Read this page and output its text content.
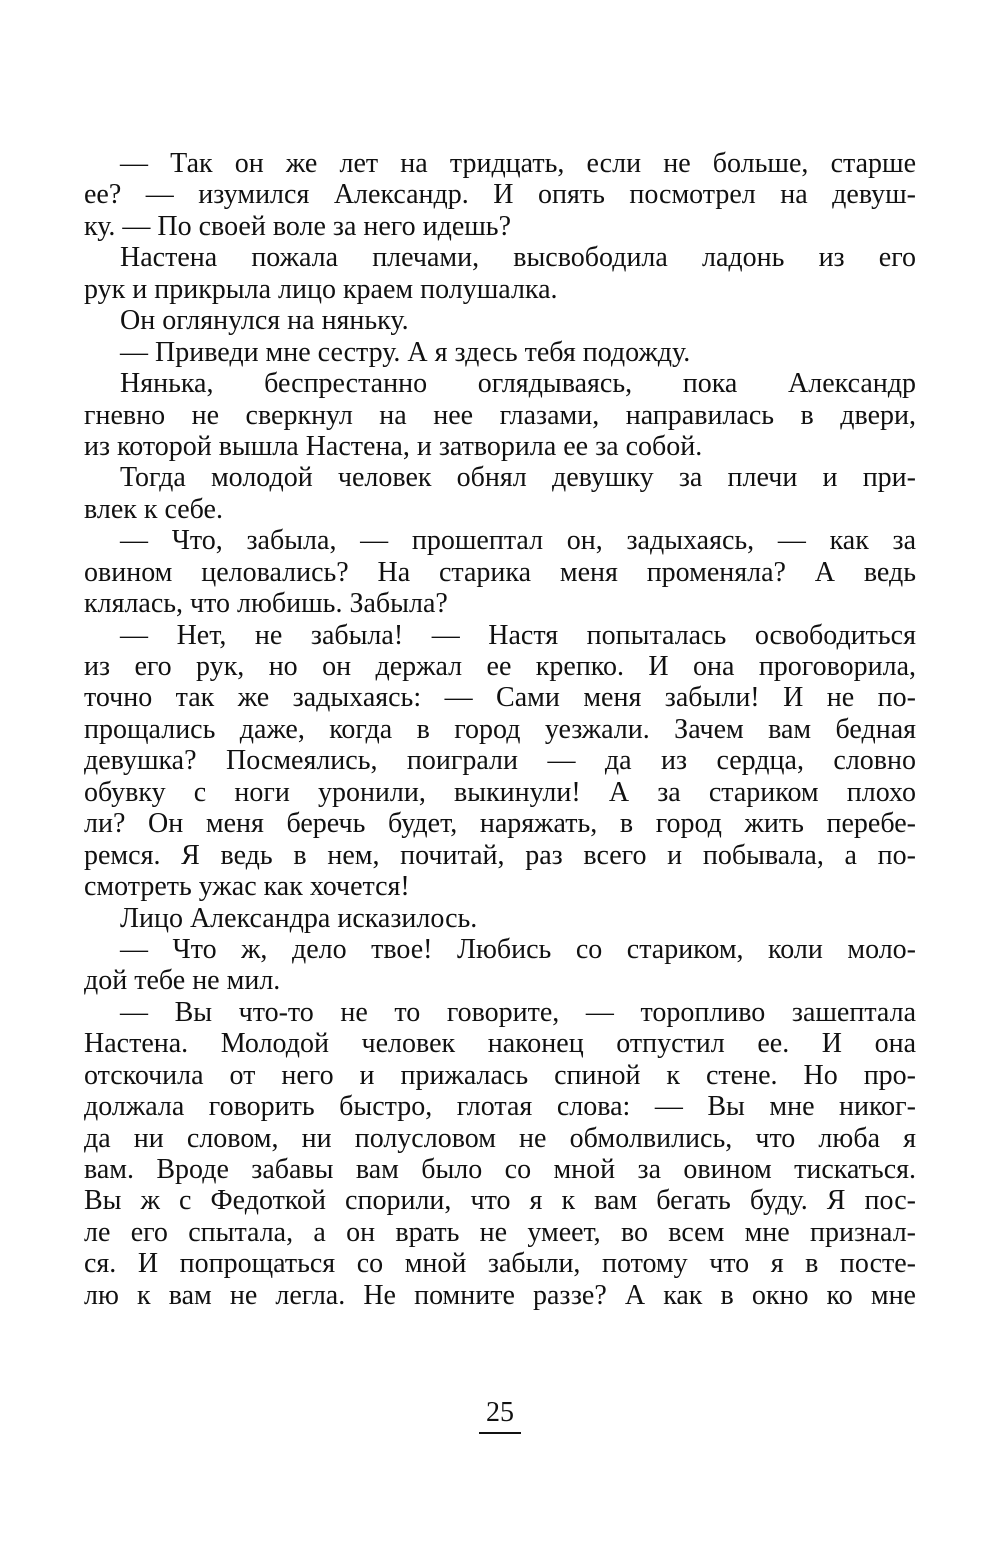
— Так он же лет на тридцать, если не больше, старше
ее? — изумился Александр. И опять посмотрел на девуш-
ку. — По своей воле за него идешь?
Настена пожала плечами, высвободила ладонь из его
рук и прикрыла лицо краем полушалка.
Он оглянулся на няньку.
— Приведи мне сестру. А я здесь тебя подожду.
Нянька, беспрестанно оглядываясь, пока Александр
гневно не сверкнул на нее глазами, направилась в двери,
из которой вышла Настена, и затворила ее за собой.
Тогда молодой человек обнял девушку за плечи и при-
влек к себе.
— Что, забыла, — прошептал он, задыхаясь, — как за
овином целовались? На старика меня променяла? А ведь
клялась, что любишь. Забыла?
— Нет, не забыла! — Настя попыталась освободиться
из его рук, но он держал ее крепко. И она проговорила,
точно так же задыхаясь: — Сами меня забыли! И не по-
прощались даже, когда в город уезжали. Зачем вам бедная
девушка? Посмеялись, поиграли — да из сердца, словно
обувку с ноги уронили, выкинули! А за стариком плохо
ли? Он меня беречь будет, наряжать, в город жить перебе-
ремся. Я ведь в нем, почитай, раз всего и побывала, а по-
смотреть ужас как хочется!
Лицо Александра исказилось.
— Что ж, дело твое! Любись со стариком, коли моло-
дой тебе не мил.
— Вы что-то не то говорите, — торопливо зашептала
Настена. Молодой человек наконец отпустил ее. И она
отскочила от него и прижалась спиной к стене. Но про-
должала говорить быстро, глотая слова: — Вы мне никог-
да ни словом, ни полусловом не обмолвились, что люба я
вам. Вроде забавы вам было со мной за овином тискаться.
Вы ж с Федоткой спорили, что я к вам бегать буду. Я пос-
ле его спытала, а он врать не умеет, во всем мне признал-
ся. И попрощаться со мной забыли, потому что я в посте-
лю к вам не легла. Не помните раззе? А как в окно ко мне
25
